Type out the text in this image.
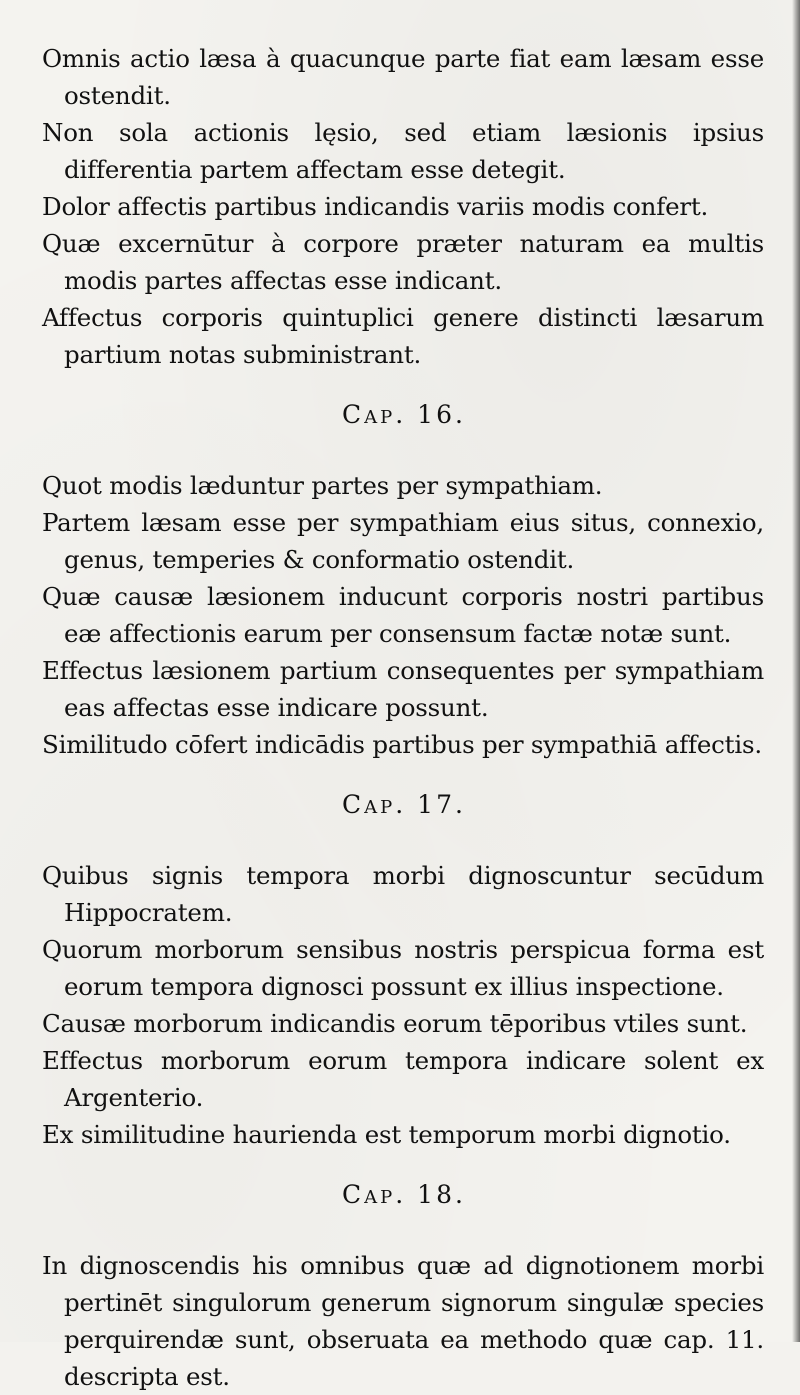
Omnis actio læsa à quacunque parte fiat eam læsam esse ostendit.
Non sola actionis lęsio, sed etiam læsionis ipsius differentia partem affectam esse detegit.
Dolor affectis partibus indicandis variis modis confert.
Quæ excernūtur à corpore præter naturam ea multis modis partes affectas esse indicant.
Affectus corporis quintuplici genere distincti læsarum partium notas subministrant.
Cap. 16.
Quot modis læduntur partes per sympathiam.
Partem læsam esse per sympathiam eius situs, connexio, genus, temperies & conformatio ostendit.
Quæ causæ læsionem inducunt corporis nostri partibus eæ affectionis earum per consensum factæ notæ sunt.
Effectus læsionem partium consequentes per sympathiam eas affectas esse indicare possunt.
Similitudo cōfert indicādis partibus per sympathiā affectis.
Cap. 17.
Quibus signis tempora morbi dignoscuntur secūdum Hippocratem.
Quorum morborum sensibus nostris perspicua forma est eorum tempora dignosci possunt ex illius inspectione.
Causæ morborum indicandis eorum tēporibus vtiles sunt.
Effectus morborum eorum tempora indicare solent ex Argenterio.
Ex similitudine haurienda est temporum morbi dignotio.
Cap. 18.
In dignoscendis his omnibus quæ ad dignotionem morbi pertinēt singulorum generum signorum singulæ species perquirendæ sunt, obseruata ea methodo quæ cap. 11. descripta est.
